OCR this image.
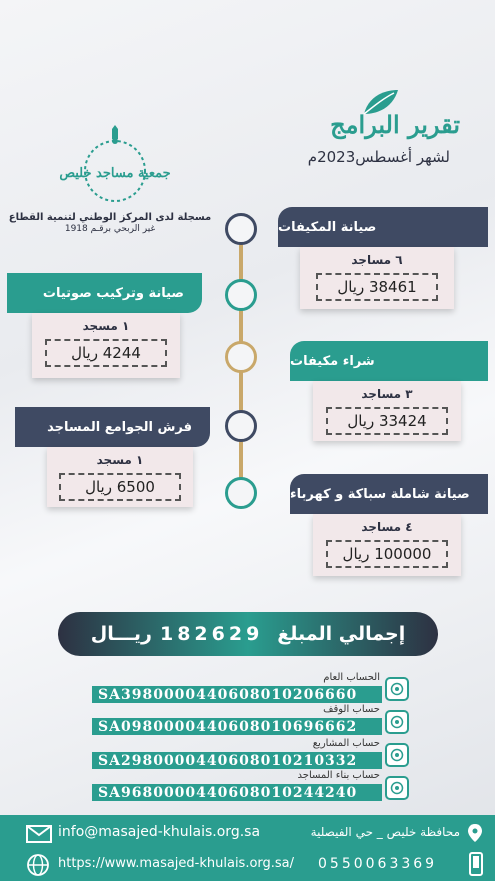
تقرير البرامج
لشهر أغسطس2023م
جمعية مساجد خليص
مسجلة لدى المركز الوطني لتنمية القطاع
غير الربحي برقـم 1918	صيانة المكيفات
٦ مساجد
38461 ريال
صيانة وتركيب صوتيات
١ مسجد
4244 ريال	شراء مكيفات
٣ مساجد
33424 ريال
فرش الجوامع المساجد
١ مسجد
6500 ريال	صيانة شاملة سباكة و كهرباء
٤ مساجد
100000 ريال
إجمالي المبلغ
182629
ريـــال
الحساب العام
SA3980000440608010206660
حساب الوقف
SA0980000440608010696662
حساب المشاريع
SA2980000440608010210332
حساب بناء المساجد
SA9680000440608010244240
info@masajed-khulais.org.sa	محافظة خليص _ حي الفيصلية
https://www.masajed-khulais.org.sa/ 0550063369
